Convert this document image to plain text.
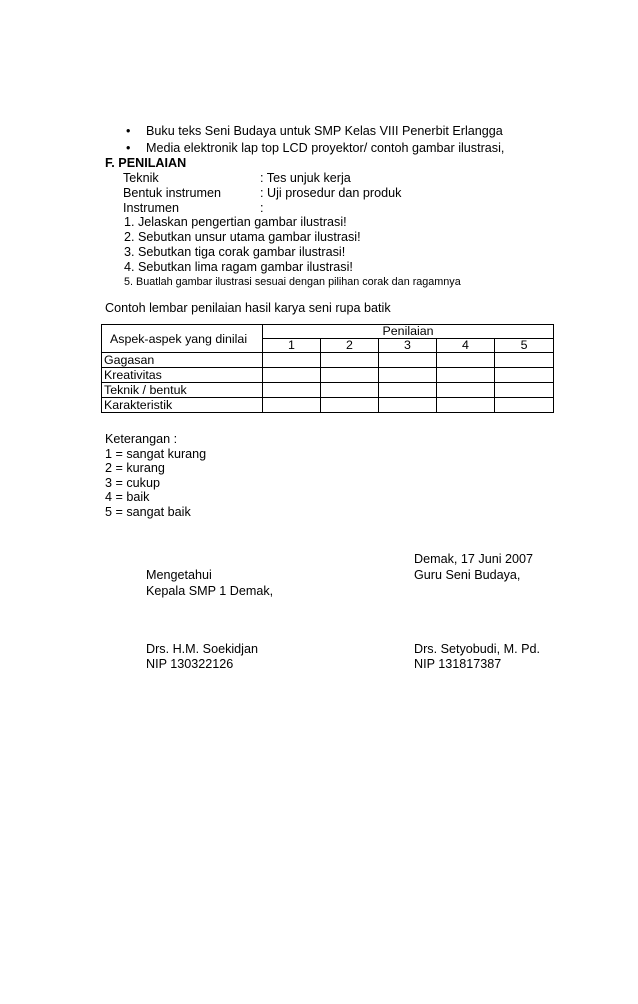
• Buku teks Seni Budaya untuk SMP Kelas VIII Penerbit Erlangga
• Media elektronik lap top LCD proyektor/ contoh gambar ilustrasi,
F. PENILAIAN
Teknik	: Tes unjuk kerja
Bentuk instrumen	: Uji prosedur dan produk
Instrumen	:
1. Jelaskan pengertian gambar ilustrasi!
2. Sebutkan unsur utama gambar ilustrasi!
3. Sebutkan tiga corak gambar ilustrasi!
4. Sebutkan lima ragam gambar ilustrasi!
5. Buatlah gambar ilustrasi sesuai dengan pilihan corak dan ragamnya
Contoh lembar penilaian hasil karya seni rupa batik
Aspek-aspek yang dinilai	Penilaian				
	1	2	3	4	5
Gagasan					
Kreativitas					
Teknik / bentuk					
Karakteristik					
Keterangan :
1 = sangat kurang
2 = kurang
3 = cukup
4 = baik
5 = sangat baik
Demak, 17 Juni 2007
Mengetahui	Guru Seni Budaya,
Kepala SMP 1 Demak,
Drs. H.M. Soekidjan	Drs. Setyobudi, M. Pd.
NIP 130322126	NIP 131817387
